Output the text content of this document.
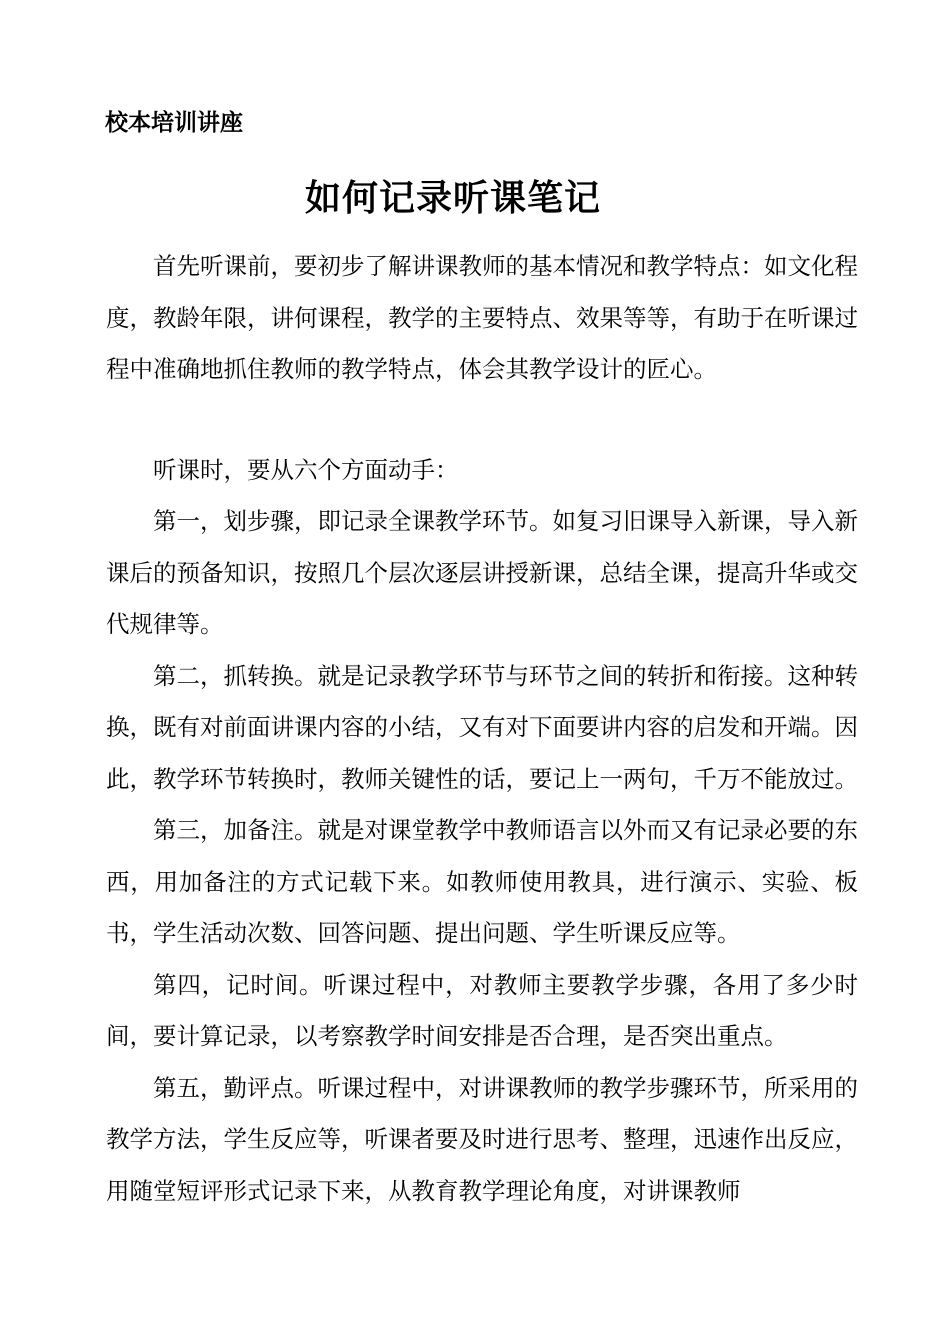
校本培训讲座
如何记录听课笔记

首先听课前，要初步了解讲课教师的基本情况和教学特点：如文化程度，教龄年限，讲何课程，教学的主要特点、效果等等，有助于在听课过程中准确地抓住教师的教学特点，体会其教学设计的匠心。

听课时，要从六个方面动手：

第一，划步骤，即记录全课教学环节。如复习旧课导入新课，导入新课后的预备知识，按照几个层次逐层讲授新课，总结全课，提高升华或交代规律等。

第二，抓转换。就是记录教学环节与环节之间的转折和衔接。这种转换，既有对前面讲课内容的小结，又有对下面要讲内容的启发和开端。因此，教学环节转换时，教师关键性的话，要记上一两句，千万不能放过。

第三，加备注。就是对课堂教学中教师语言以外而又有记录必要的东西，用加备注的方式记载下来。如教师使用教具，进行演示、实验、板书，学生活动次数、回答问题、提出问题、学生听课反应等。

第四，记时间。听课过程中，对教师主要教学步骤，各用了多少时间，要计算记录，以考察教学时间安排是否合理，是否突出重点。

第五，勤评点。听课过程中，对讲课教师的教学步骤环节，所采用的教学方法，学生反应等，听课者要及时进行思考、整理，迅速作出反应，用随堂短评形式记录下来，从教育教学理论角度，对讲课教师
